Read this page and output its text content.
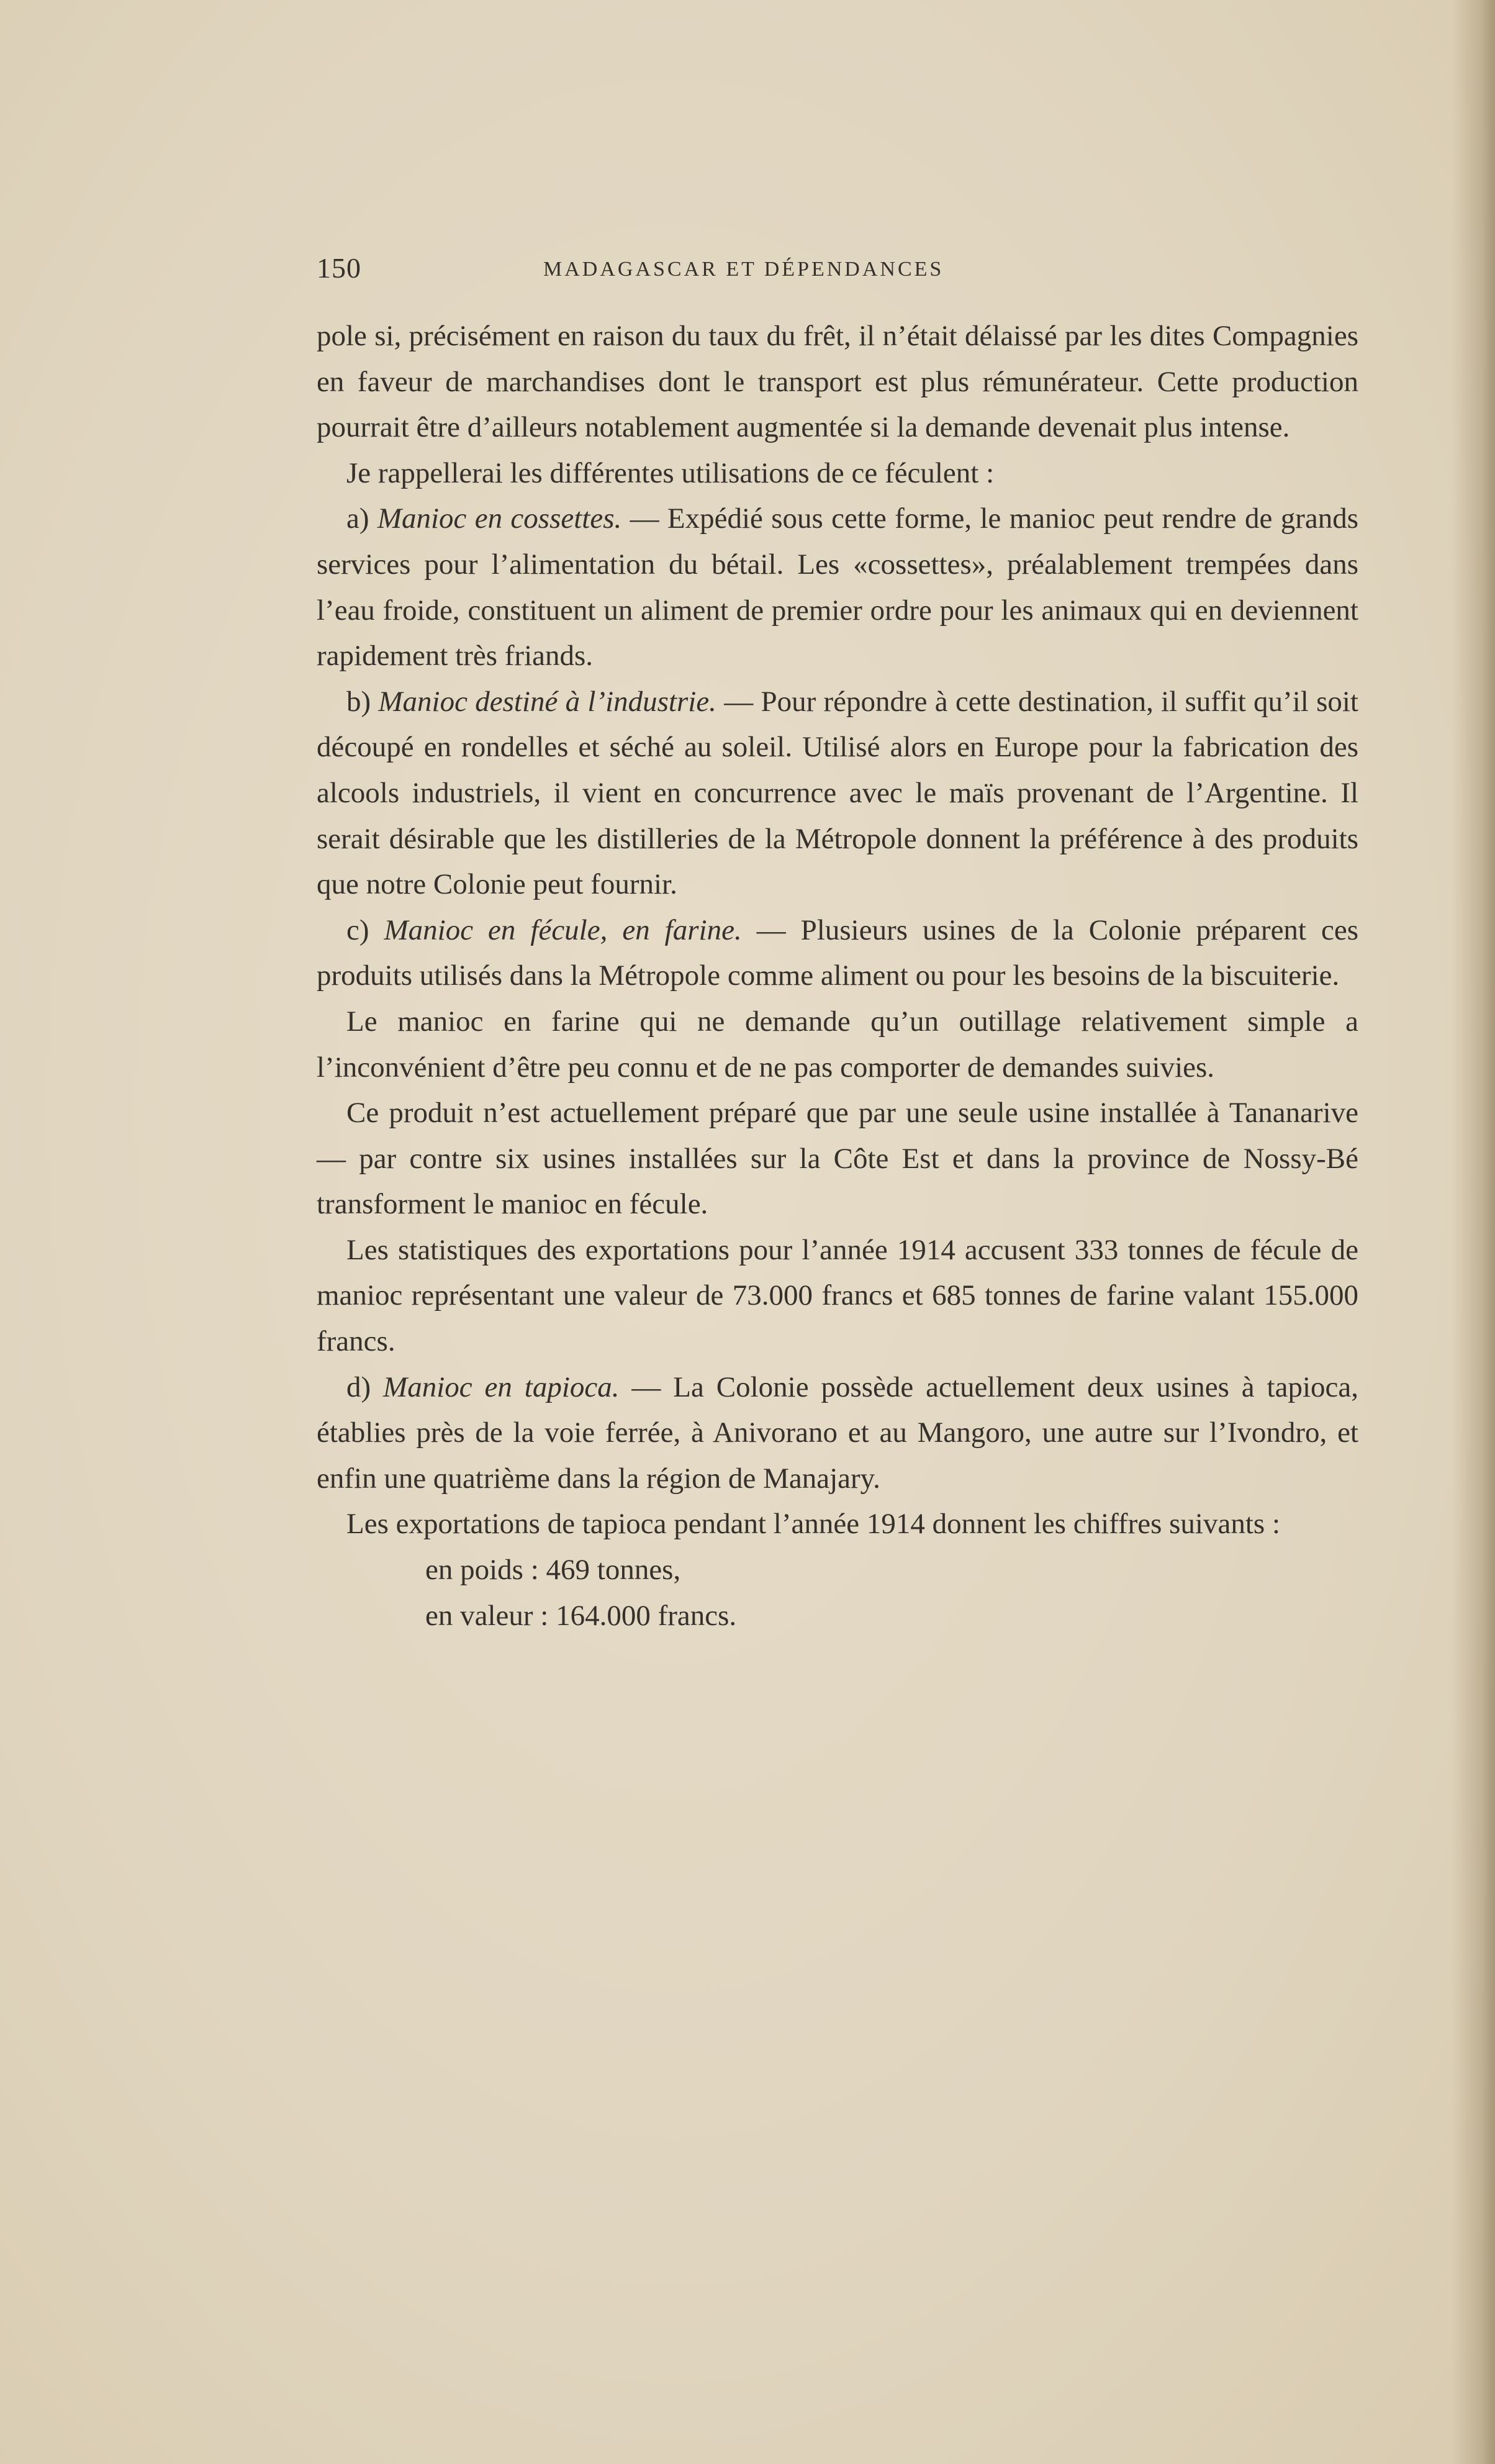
150	MADAGASCAR ET DÉPENDANCES

pole si, précisément en raison du taux du frêt, il n’était délaissé par les dites Compagnies en faveur de marchandises dont le transport est plus rémunérateur. Cette production pourrait être d’ailleurs notablement augmentée si la demande devenait plus intense.

Je rappellerai les différentes utilisations de ce féculent :

a) Manioc en cossettes. — Expédié sous cette forme, le manioc peut rendre de grands services pour l’alimentation du bétail. Les «cossettes», préalablement trempées dans l’eau froide, constituent un aliment de premier ordre pour les animaux qui en deviennent rapidement très friands.

b) Manioc destiné à l’industrie. — Pour répondre à cette destination, il suffit qu’il soit découpé en rondelles et séché au soleil. Utilisé alors en Europe pour la fabrication des alcools industriels, il vient en concurrence avec le maïs provenant de l’Argentine. Il serait désirable que les distilleries de la Métropole donnent la préférence à des produits que notre Colonie peut fournir.

c) Manioc en fécule, en farine. — Plusieurs usines de la Colonie préparent ces produits utilisés dans la Métropole comme aliment ou pour les besoins de la biscuiterie.

Le manioc en farine qui ne demande qu’un outillage relativement simple a l’inconvénient d’être peu connu et de ne pas comporter de demandes suivies.

Ce produit n’est actuellement préparé que par une seule usine installée à Tananarive — par contre six usines installées sur la Côte Est et dans la province de Nossy-Bé transforment le manioc en fécule.

Les statistiques des exportations pour l’année 1914 accusent 333 tonnes de fécule de manioc représentant une valeur de 73.000 francs et 685 tonnes de farine valant 155.000 francs.

d) Manioc en tapioca. — La Colonie possède actuellement deux usines à tapioca, établies près de la voie ferrée, à Anivorano et au Mangoro, une autre sur l’Ivondro, et enfin une quatrième dans la région de Manajary.

Les exportations de tapioca pendant l’année 1914 donnent les chiffres suivants :

en poids : 469 tonnes,
en valeur : 164.000 francs.
